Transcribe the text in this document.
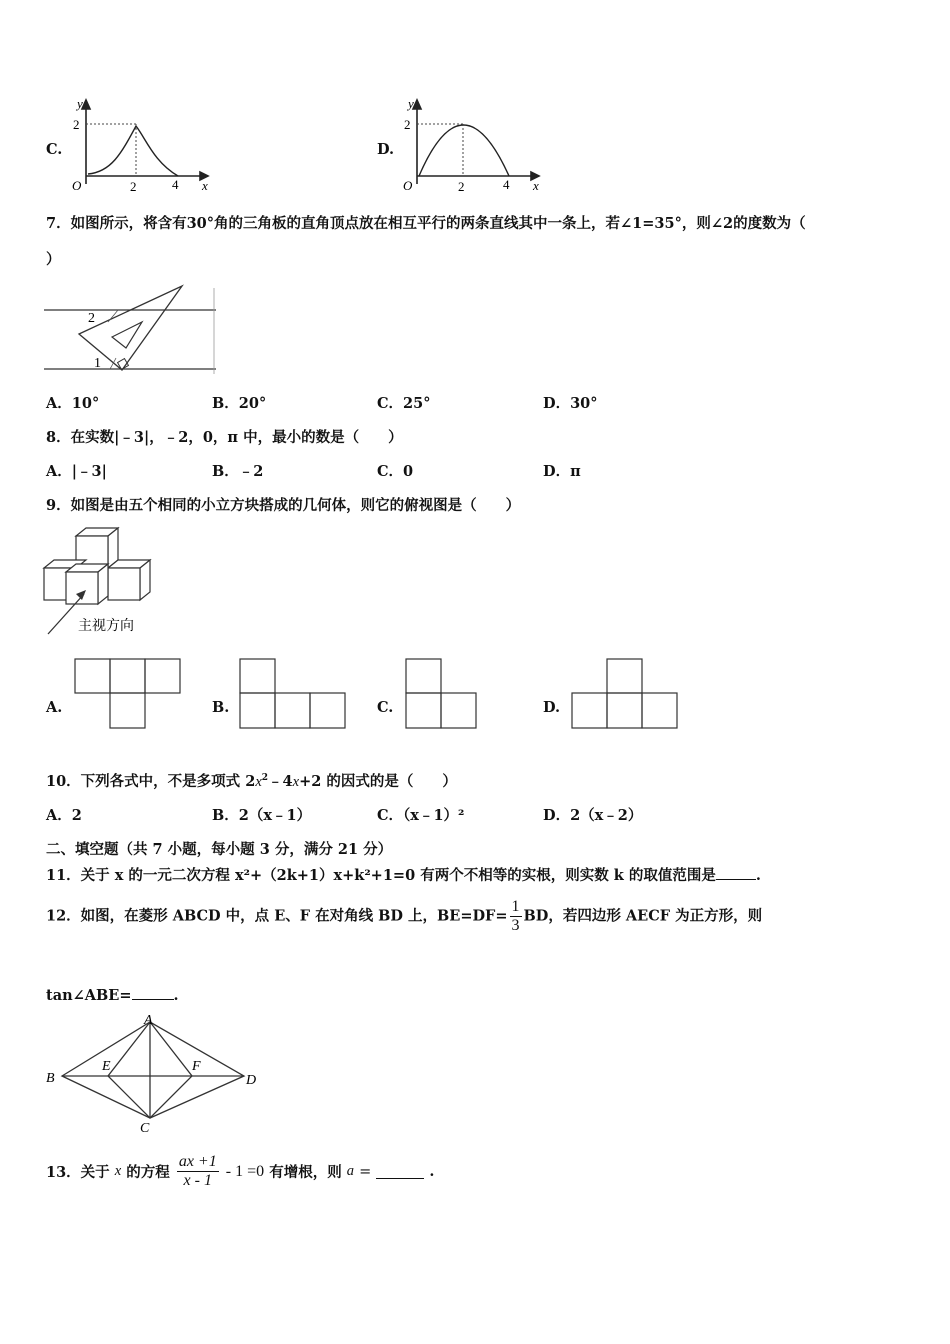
C.
y
x
O
2
2	4
D.
y
x
O
2
2	4
7．如图所示，将含有30°角的三角板的直角顶点放在相互平行的两条直线其中一条上，若∠1=35°，则∠2的度数为（
）
2
1
A．10°	B．20°	C．25°	D．30°
8．在实数|﹣3|，﹣2，0，π 中，最小的数是（　　）
A．|﹣3|	B．﹣2	C．0	D．π
9．如图是由五个相同的小立方块搭成的几何体，则它的俯视图是（　　）
主视方向
A.	B.	C.	D.
10．下列各式中，不是多项式 $2x^2﹣4x+2$ 的因式的是（　　）
A．2	B．2（x﹣1）	C．（x﹣1）²	D．2（x﹣2）
二、填空题（共 7 小题，每小题 3 分，满分 21 分）
11．关于 x 的一元二次方程 x²+（2k+1）x+k²+1=0 有两个不相等的实根，则实数 k 的取值范围是	.
12．如图，在菱形 ABCD 中，点 E、F 在对角线 BD 上，$BE=DF= \frac{1}{3}$ BD，若四边形 AECF 为正方形，则
tan∠ABE=	.
A
B
C
D
E	F
13．关于 x 的方程 $\frac{ax +1}{x - 1} - 1 =0$ 有增根，则 a =	.
